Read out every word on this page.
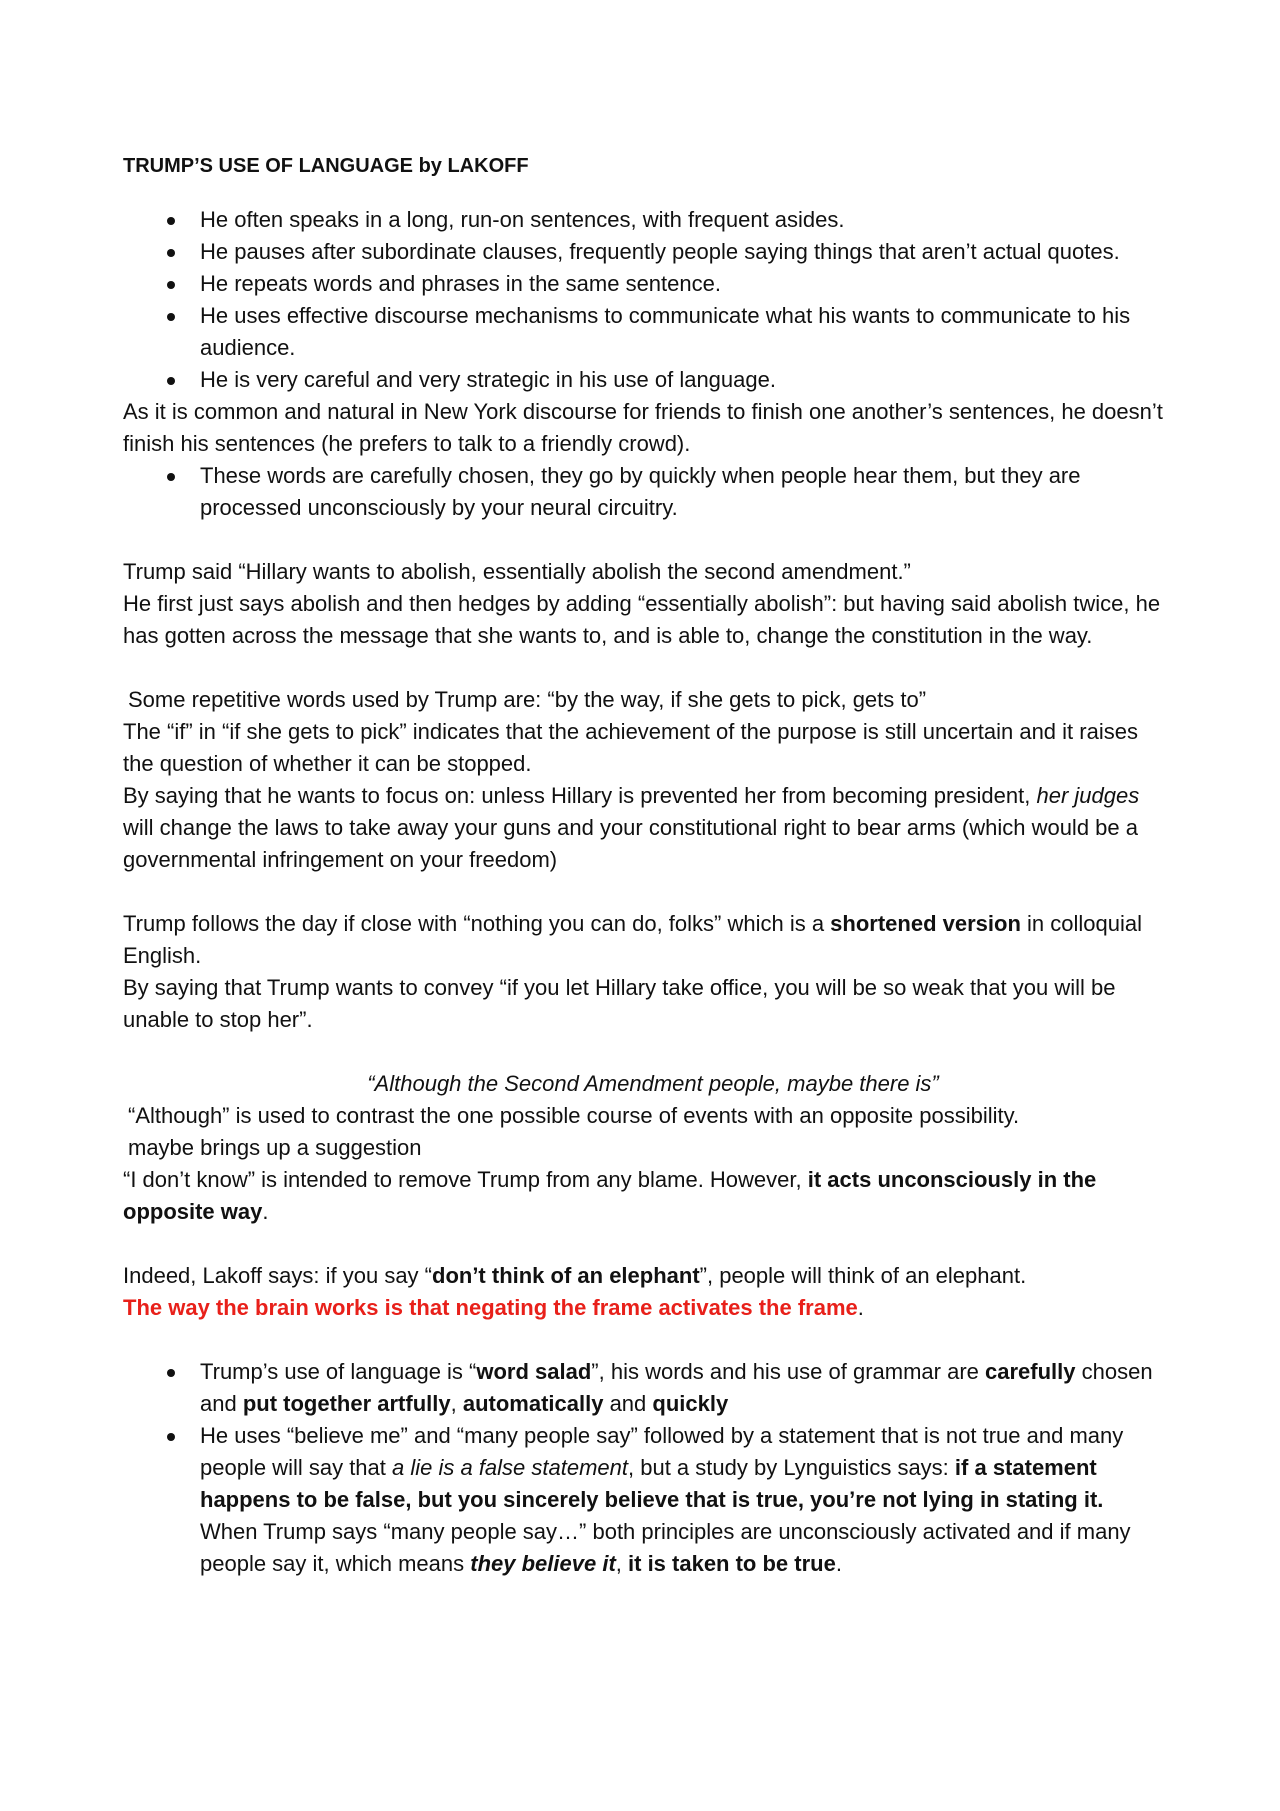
TRUMP’S USE OF LANGUAGE by LAKOFF
He often speaks in a long, run-on sentences, with frequent asides.
He pauses after subordinate clauses, frequently people saying things that aren’t actual quotes.
He repeats words and phrases in the same sentence.
He uses effective discourse mechanisms to communicate what his wants to communicate to his audience.
He is very careful and very strategic in his use of language.

As it is common and natural in New York discourse for friends to finish one another’s sentences, he doesn’t finish his sentences (he prefers to talk to a friendly crowd).

These words are carefully chosen, they go by quickly when people hear them, but they are processed unconsciously by your neural circuitry.

Trump said “Hillary wants to abolish, essentially abolish the second amendment.”

He first just says abolish and then hedges by adding “essentially abolish”: but having said abolish twice, he has gotten across the message that she wants to, and is able to, change the constitution in the way.

Some repetitive words used by Trump are: “by the way, if she gets to pick, gets to”

The “if” in “if she gets to pick” indicates that the achievement of the purpose is still uncertain and it raises the question of whether it can be stopped.

By saying that he wants to focus on: unless Hillary is prevented her from becoming president, her judges will change the laws to take away your guns and your constitutional right to bear arms (which would be a governmental infringement on your freedom)

Trump follows the day if close with “nothing you can do, folks” which is a shortened version in colloquial English.

By saying that Trump wants to convey “if you let Hillary take office, you will be so weak that you will be unable to stop her”.

“Although the Second Amendment people, maybe there is”

“Although” is used to contrast the one possible course of events with an opposite possibility.

maybe brings up a suggestion

“I don’t know” is intended to remove Trump from any blame. However, it acts unconsciously in the opposite way.

Indeed, Lakoff says: if you say “don’t think of an elephant”, people will think of an elephant.

The way the brain works is that negating the frame activates the frame.

Trump’s use of language is “word salad”, his words and his use of grammar are carefully chosen and put together artfully, automatically and quickly
He uses “believe me” and “many people say” followed by a statement that is not true and many people will say that a lie is a false statement, but a study by Lynguistics says: if a statement happens to be false, but you sincerely believe that is true, you’re not lying in stating it.
When Trump says “many people say…” both principles are unconsciously activated and if many people say it, which means they believe it, it is taken to be true.
